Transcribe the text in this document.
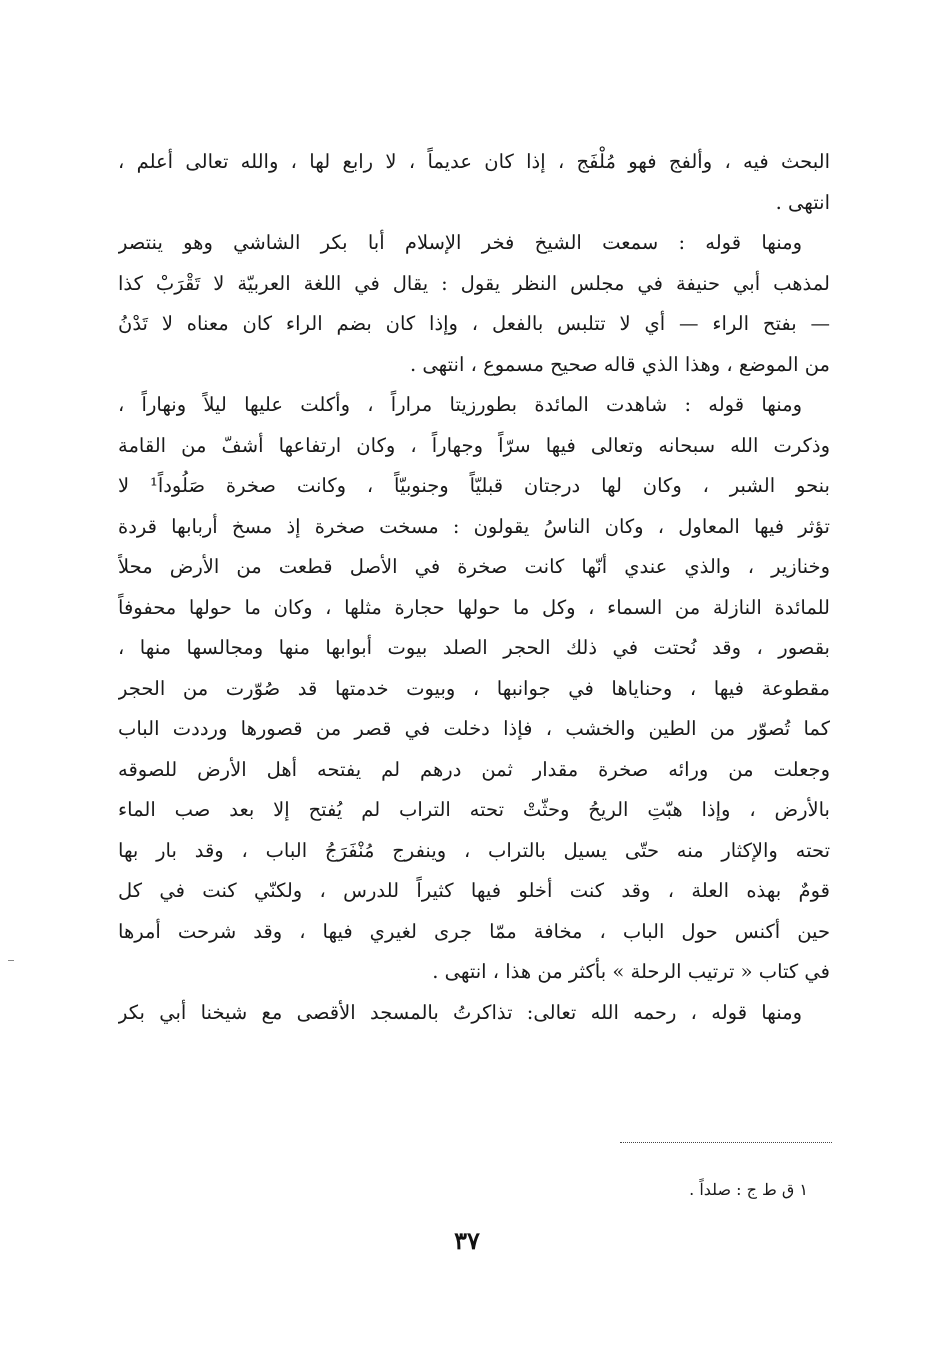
البحث فيه ، وألفج فهو مُلْفَج ، إذا كان عديماً ، لا رابع لها ، والله تعالى أعلم ،
انتهى .
ومنها قوله : سمعت الشيخ فخر الإسلام أبا بكر الشاشي وهو ينتصر
لمذهب أبي حنيفة في مجلس النظر يقول : يقال في اللغة العربيّة لا تَقْرَبْ كذا
— بفتح الراء — أي لا تتلبس بالفعل ، وإذا كان بضم الراء كان معناه لا تَدْنُ
من الموضع ، وهذا الذي قاله صحيح مسموع ، انتهى .
ومنها قوله : شاهدت المائدة بطورزيتا مراراً ، وأكلت عليها ليلاً ونهاراً ،
وذكرت الله سبحانه وتعالى فيها سرّاً وجهاراً ، وكان ارتفاعها أشفّ من القامة
بنحو الشبر ، وكان لها درجتان قبليّاً وجنوبيّاً ، وكانت صخرة صَلُوداً¹ لا
تؤثر فيها المعاول ، وكان الناسُ يقولون : مسخت صخرة إذ مسخ أربابها قردة
وخنازير ، والذي عندي أنّها كانت صخرة في الأصل قطعت من الأرض محلاً
للمائدة النازلة من السماء ، وكل ما حولها حجارة مثلها ، وكان ما حولها محفوفاً
بقصور ، وقد نُحتت في ذلك الحجر الصلد بيوت أبوابها منها ومجالسها منها ،
مقطوعة فيها ، وحناياها في جوانبها ، وبيوت خدمتها قد صُوّرت من الحجر
كما تُصوّر من الطين والخشب ، فإذا دخلت في قصر من قصورها ورددت الباب
وجعلت من ورائه صخرة مقدار ثمن درهم لم يفتحه أهل الأرض للصوقه
بالأرض ، وإذا هبّتِ الريحُ وحثّتْ تحته التراب لم يُفتح إلا بعد صب الماء
تحته والإكثار منه حتّى يسيل بالتراب ، وينفرج مُنْفَرَجُ الباب ، وقد بار بها
قومٌ بهذه العلة ، وقد كنت أخلو فيها كثيراً للدرس ، ولكنّي كنت في كل
حين أكنس حول الباب ، مخافة ممّا جرى لغيري فيها ، وقد شرحت أمرها
في كتاب « ترتيب الرحلة » بأكثر من هذا ، انتهى .
ومنها قوله ، رحمه الله تعالى: تذاكرتُ بالمسجد الأقصى مع شيخنا أبي بكر
١ ق ط ج : صلداً .
٣٧
